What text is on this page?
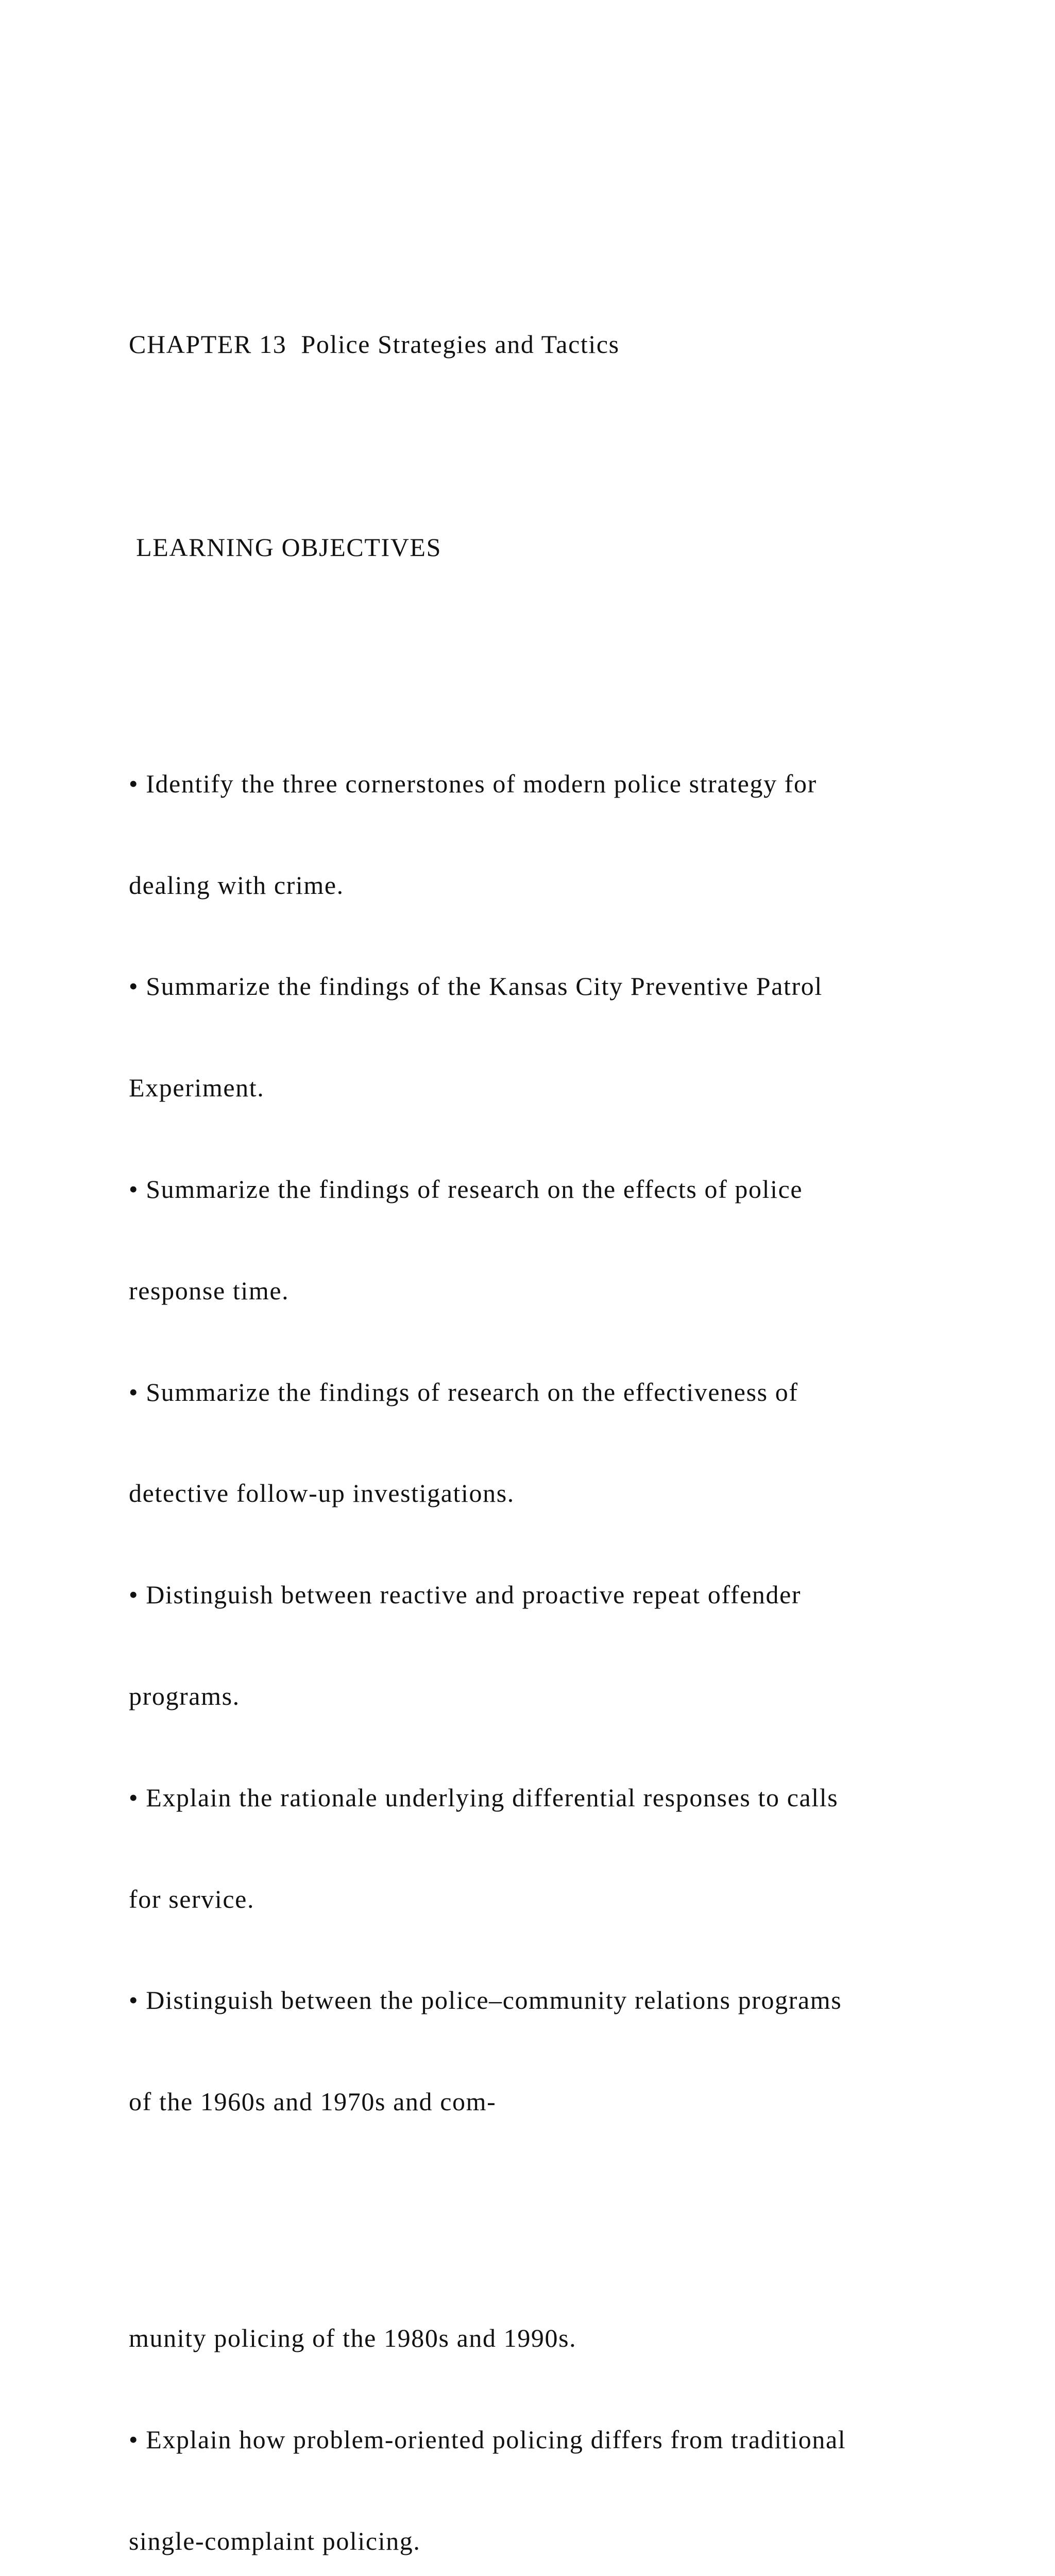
CHAPTER 13  Police Strategies and Tactics

LEARNING OBJECTIVES

• Identify the three cornerstones of modern police strategy for

dealing with crime.

• Summarize the findings of the Kansas City Preventive Patrol

Experiment.

• Summarize the findings of research on the effects of police

response time.

• Summarize the findings of research on the effectiveness of

detective follow-up investigations.

• Distinguish between reactive and proactive repeat offender

programs.

• Explain the rationale underlying differential responses to calls

for service.

• Distinguish between the police–community relations programs

of the 1960s and 1970s and com-

munity policing of the 1980s and 1990s.

• Explain how problem-oriented policing differs from traditional

single-complaint policing.
